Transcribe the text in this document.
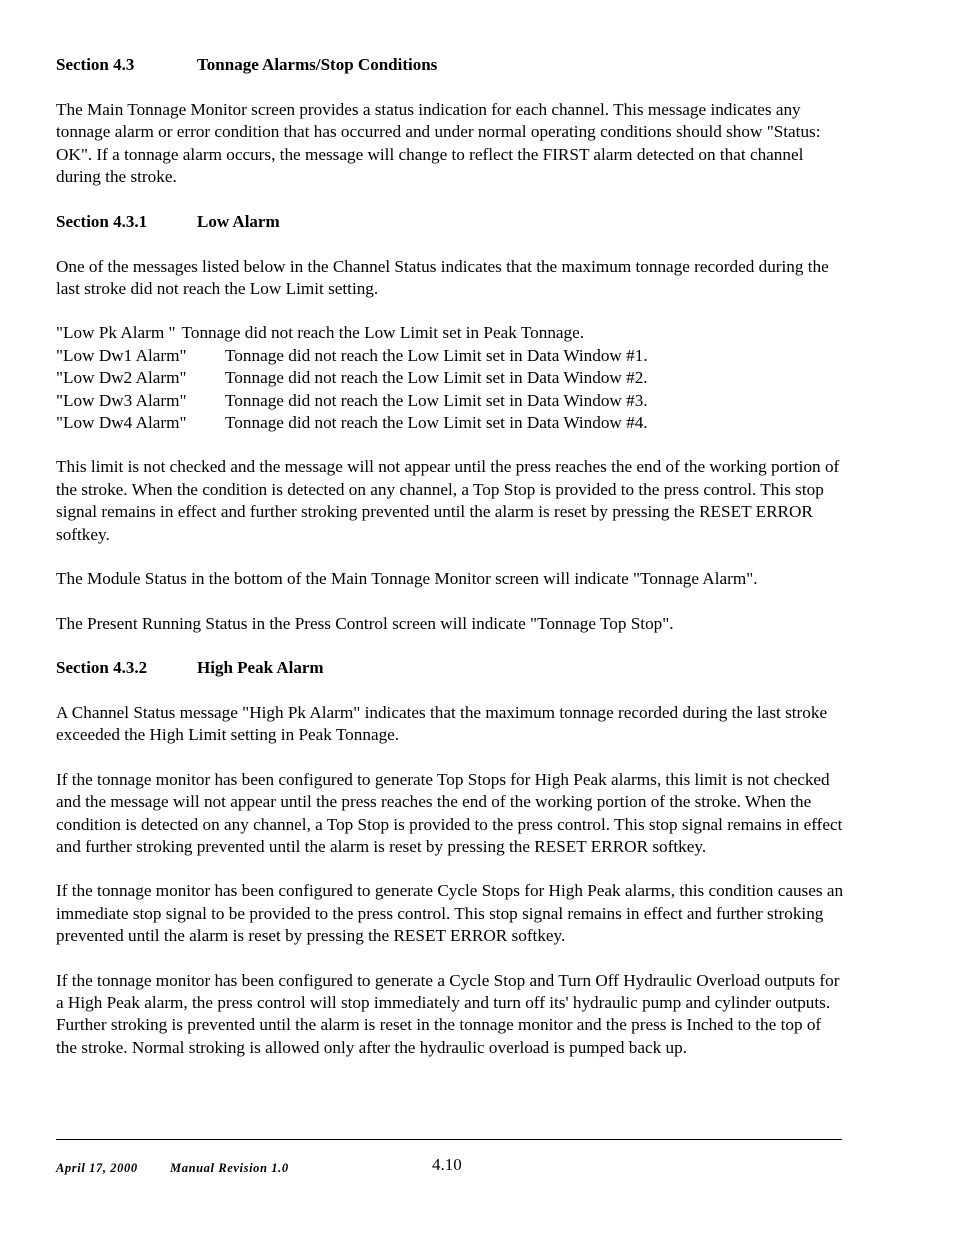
Section 4.3	Tonnage Alarms/Stop Conditions

The Main Tonnage Monitor screen provides a status indication for each channel. This message indicates any tonnage alarm or error condition that has occurred and under normal operating conditions should show "Status: OK". If a tonnage alarm occurs, the message will change to reflect the FIRST alarm detected on that channel during the stroke.

Section 4.3.1	Low Alarm

One of the messages listed below in the Channel Status indicates that the maximum tonnage recorded during the last stroke did not reach the Low Limit setting.

"Low Pk Alarm " Tonnage did not reach the Low Limit set in Peak Tonnage.
"Low Dw1 Alarm"	Tonnage did not reach the Low Limit set in Data Window #1.
"Low Dw2 Alarm"	Tonnage did not reach the Low Limit set in Data Window #2.
"Low Dw3 Alarm"	Tonnage did not reach the Low Limit set in Data Window #3.
"Low Dw4 Alarm"	Tonnage did not reach the Low Limit set in Data Window #4.

This limit is not checked and the message will not appear until the press reaches the end of the working portion of the stroke. When the condition is detected on any channel, a Top Stop is provided to the press control. This stop signal remains in effect and further stroking prevented until the alarm is reset by pressing the RESET ERROR softkey.

The Module Status in the bottom of the Main Tonnage Monitor screen will indicate "Tonnage Alarm".

The Present Running Status in the Press Control screen will indicate "Tonnage Top Stop".

Section 4.3.2	High Peak Alarm

A Channel Status message "High Pk Alarm" indicates that the maximum tonnage recorded during the last stroke exceeded the High Limit setting in Peak Tonnage.

If the tonnage monitor has been configured to generate Top Stops for High Peak alarms, this limit is not checked and the message will not appear until the press reaches the end of the working portion of the stroke. When the condition is detected on any channel, a Top Stop is provided to the press control. This stop signal remains in effect and further stroking prevented until the alarm is reset by pressing the RESET ERROR softkey.

If the tonnage monitor has been configured to generate Cycle Stops for High Peak alarms, this condition causes an immediate stop signal to be provided to the press control. This stop signal remains in effect and further stroking prevented until the alarm is reset by pressing the RESET ERROR softkey.

If the tonnage monitor has been configured to generate a Cycle Stop and Turn Off Hydraulic Overload outputs for a High Peak alarm, the press control will stop immediately and turn off its' hydraulic pump and cylinder outputs. Further stroking is prevented until the alarm is reset in the tonnage monitor and the press is Inched to the top of the stroke. Normal stroking is allowed only after the hydraulic overload is pumped back up.

April 17, 2000	Manual Revision 1.0	4.10
